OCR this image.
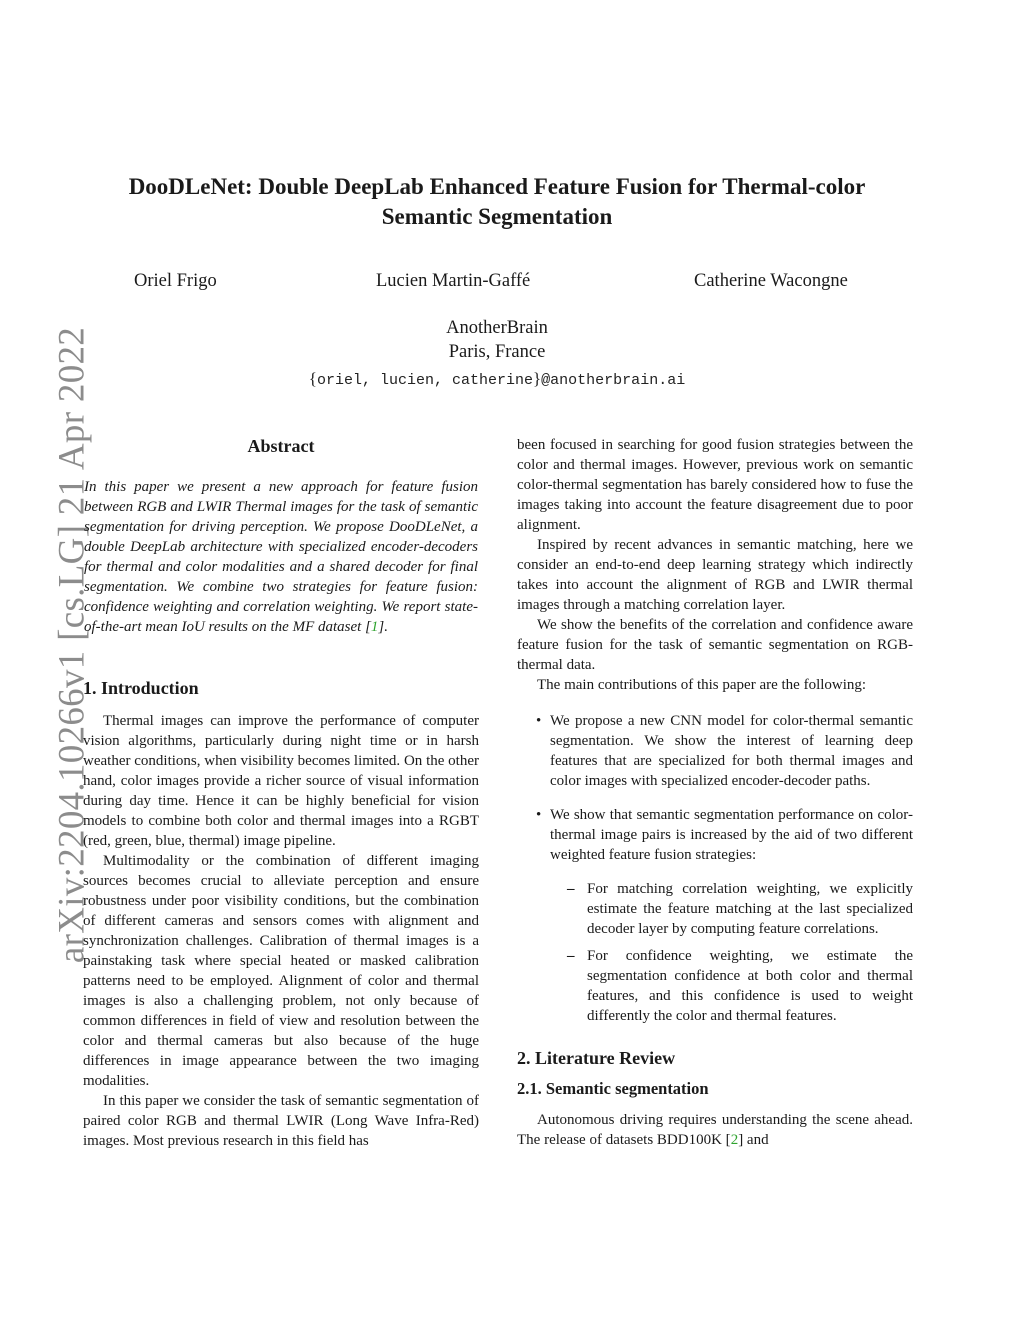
arXiv:2204.10266v1 [cs.LG] 21 Apr 2022
DooDLeNet: Double DeepLab Enhanced Feature Fusion for Thermal-color
Semantic Segmentation
Oriel Frigo	Lucien Martin-Gaffé	Catherine Wacongne
AnotherBrain
Paris, France
{oriel, lucien, catherine}@anotherbrain.ai
Abstract

In this paper we present a new approach for feature fusion between RGB and LWIR Thermal images for the task of semantic segmentation for driving perception. We propose DooDLeNet, a double DeepLab architecture with specialized encoder-decoders for thermal and color modalities and a shared decoder for final segmentation. We combine two strategies for feature fusion: confidence weighting and correlation weighting. We report state-of-the-art mean IoU results on the MF dataset [1].

1. Introduction

Thermal images can improve the performance of computer vision algorithms, particularly during night time or in harsh weather conditions, when visibility becomes limited. On the other hand, color images provide a richer source of visual information during day time. Hence it can be highly beneficial for vision models to combine both color and thermal images into a RGBT (red, green, blue, thermal) image pipeline.

Multimodality or the combination of different imaging sources becomes crucial to alleviate perception and ensure robustness under poor visibility conditions, but the combination of different cameras and sensors comes with alignment and synchronization challenges. Calibration of thermal images is a painstaking task where special heated or masked calibration patterns need to be employed. Alignment of color and thermal images is also a challenging problem, not only because of common differences in field of view and resolution between the color and thermal cameras but also because of the huge differences in image appearance between the two imaging modalities.

In this paper we consider the task of semantic segmentation of paired color RGB and thermal LWIR (Long Wave Infra-Red) images. Most previous research in this field has

been focused in searching for good fusion strategies between the color and thermal images. However, previous work on semantic color-thermal segmentation has barely considered how to fuse the images taking into account the feature disagreement due to poor alignment.

Inspired by recent advances in semantic matching, here we consider an end-to-end deep learning strategy which indirectly takes into account the alignment of RGB and LWIR thermal images through a matching correlation layer.

We show the benefits of the correlation and confidence aware feature fusion for the task of semantic segmentation on RGB-thermal data.

The main contributions of this paper are the following:

• We propose a new CNN model for color-thermal semantic segmentation. We show the interest of learning deep features that are specialized for both thermal images and color images with specialized encoder-decoder paths.
• We show that semantic segmentation performance on color-thermal image pairs is increased by the aid of two different weighted feature fusion strategies:
– For matching correlation weighting, we explicitly estimate the feature matching at the last specialized decoder layer by computing feature correlations.
– For confidence weighting, we estimate the segmentation confidence at both color and thermal features, and this confidence is used to weight differently the color and thermal features.
2. Literature Review
2.1. Semantic segmentation

Autonomous driving requires understanding the scene ahead. The release of datasets BDD100K [2] and
